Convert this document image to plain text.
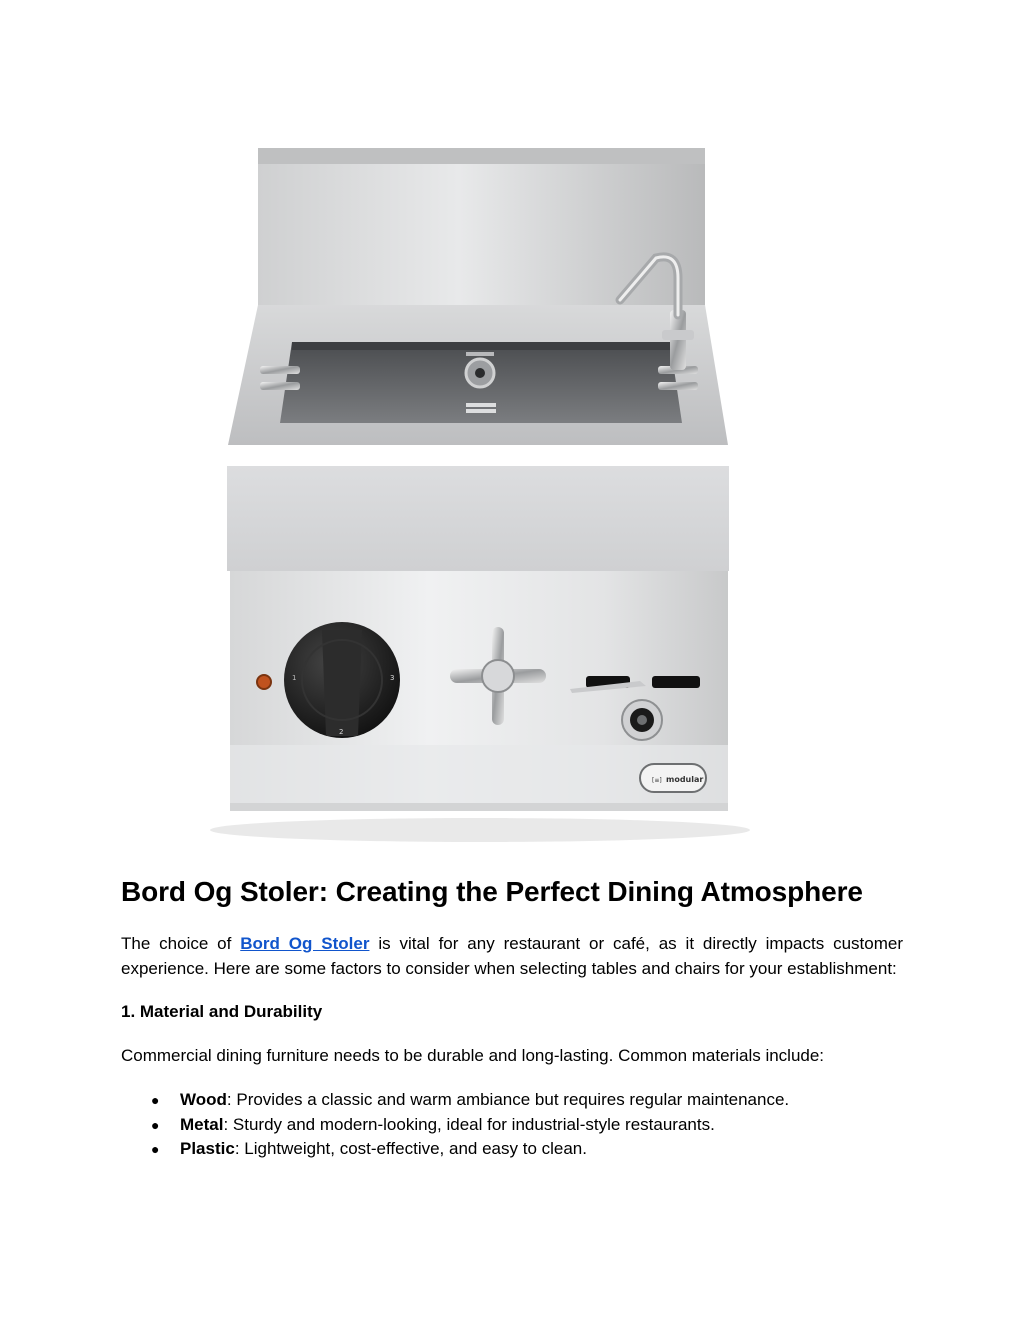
3
2
1
[≡] modular
Bord Og Stoler: Creating the Perfect Dining Atmosphere

The choice of Bord Og Stoler is vital for any restaurant or café, as it directly impacts customer experience. Here are some factors to consider when selecting tables and chairs for your establishment:

1. Material and Durability

Commercial dining furniture needs to be durable and long-lasting. Common materials include:

● Wood: Provides a classic and warm ambiance but requires regular maintenance.
● Metal: Sturdy and modern-looking, ideal for industrial-style restaurants.
● Plastic: Lightweight, cost-effective, and easy to clean.
